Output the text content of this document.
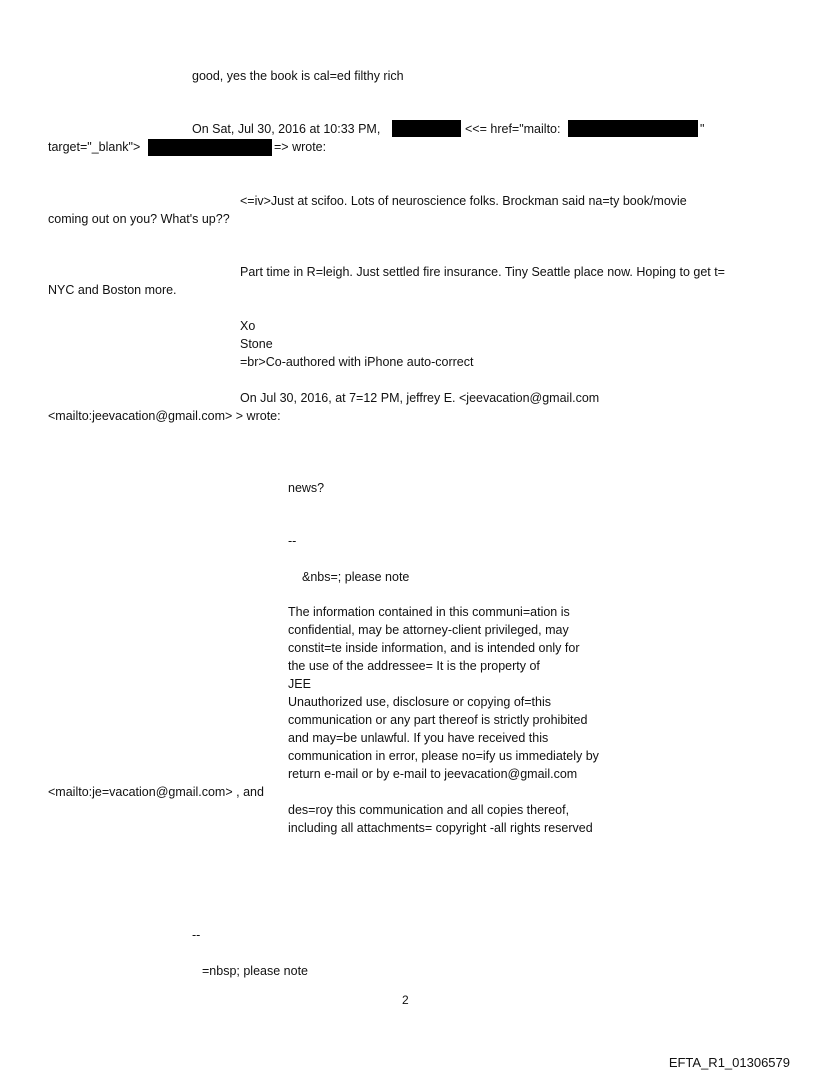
good, yes the book is cal=ed filthy rich
On Sat, Jul 30, 2016 at 10:33 PM,	<<= href="mailto:	"
target="_blank">	=> wrote:
<=iv>Just at scifoo. Lots of neuroscience folks. Brockman said na=ty book/movie
coming out on you? What's up??
Part time in R=leigh. Just settled fire insurance. Tiny Seattle place now. Hoping to get t=
NYC and Boston more.
Xo
Stone
=br>Co-authored with iPhone auto-correct
On Jul 30, 2016, at 7=12 PM, jeffrey E. <jeevacation@gmail.com
<mailto:jeevacation@gmail.com> > wrote:
news?
--
&nbs=; please note
The information contained in this communi=ation is
confidential, may be attorney-client privileged, may
constit=te inside information, and is intended only for
the use of the addressee= It is the property of
JEE
Unauthorized use, disclosure or copying of=this
communication or any part thereof is strictly prohibited
and may=be unlawful. If you have received this
communication in error, please no=ify us immediately by
return e-mail or by e-mail to jeevacation@gmail.com
<mailto:je=vacation@gmail.com> , and
des=roy this communication and all copies thereof,
including all attachments= copyright -all rights reserved
--
=nbsp; please note
2
EFTA_R1_01306579
